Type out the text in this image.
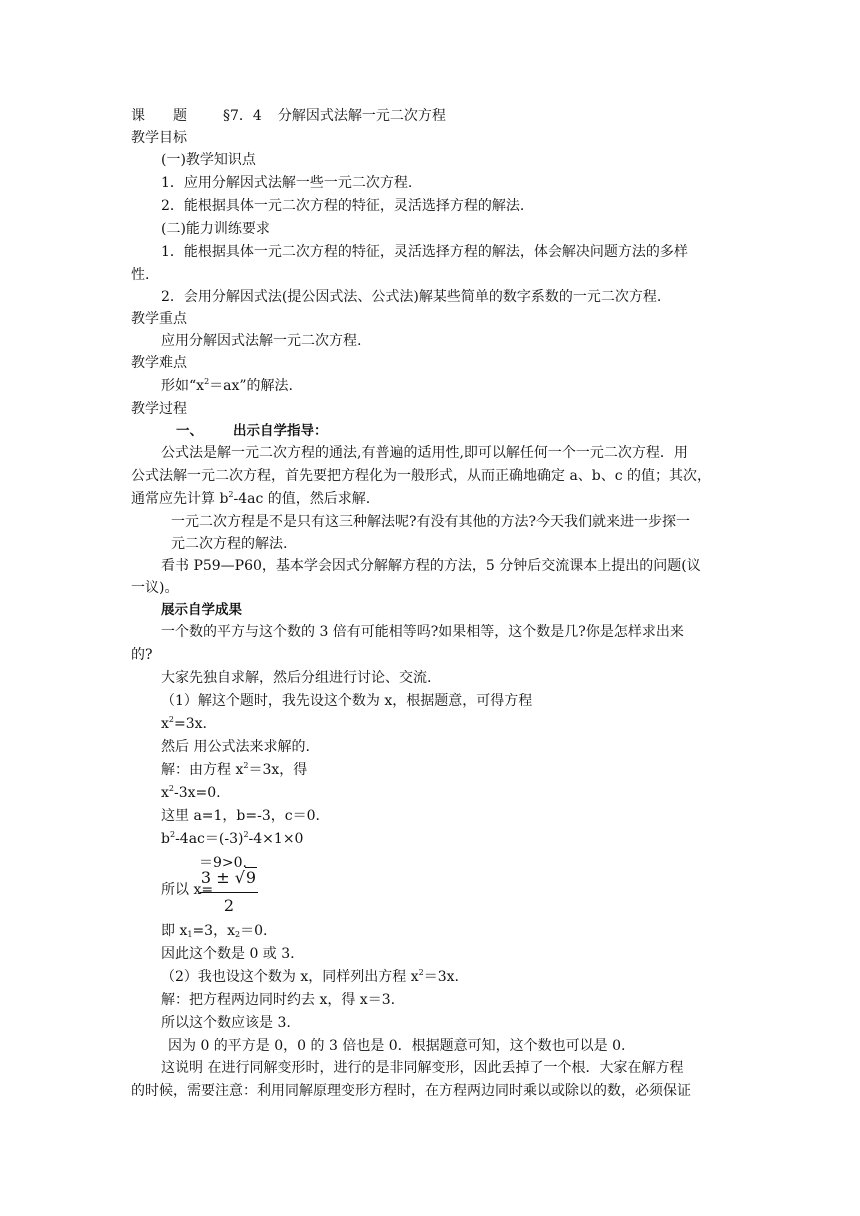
课 题	§7．4 分解因式法解一元二次方程
教学目标
(一)教学知识点
1．应用分解因式法解一些一元二次方程.
2．能根据具体一元二次方程的特征，灵活选择方程的解法.
(二)能力训练要求
1．能根据具体一元二次方程的特征，灵活选择方程的解法，体会解决问题方法的多样
性.
2．会用分解因式法(提公因式法、公式法)解某些简单的数字系数的一元二次方程.
教学重点
应用分解因式法解一元二次方程.
教学难点
形如“$x^2=ax$”的解法.
教学过程
一、 出示自学指导：
公式法是解一元二次方程的通法,有普遍的适用性,即可以解任何一个一元二次方程．用
公式法解一元二次方程，首先要把方程化为一般形式，从而正确地确定 a、b、c 的值；其次，
通常应先计算 $b^2-4ac$ 的值，然后求解.
一元二次方程是不是只有这三种解法呢?有没有其他的方法?今天我们就来进一步探一
元二次方程的解法.
看书 P59—P60，基本学会因式分解解方程的方法，5 分钟后交流课本上提出的问题(议
一议)。
展示自学成果
一个数的平方与这个数的 3 倍有可能相等吗?如果相等，这个数是几?你是怎样求出来
的?
大家先独自求解，然后分组进行讨论、交流.
（1）解这个题时，我先设这个数为 x，根据题意，可得方程
$x^2=3x$.
然后 用公式法来求解的.
解：由方程 $x^2=3x$，得
$x^2-3x=0$.
这里 a=1，b=-3，c＝0.
$b^2-4ac=(-3)^2-4\times 1\times 0$
＝9>0.
所以 x=
3 ± √9
2
即 $x_1=3$，$x_2=0$.
因此这个数是 0 或 3.
（2）我也设这个数为 x，同样列出方程 $x^2=3x$.
解：把方程两边同时约去 x，得 x＝3.
所以这个数应该是 3.
因为 0 的平方是 0，0 的 3 倍也是 0．根据题意可知，这个数也可以是 0.
这说明 在进行同解变形时，进行的是非同解变形，因此丢掉了一个根．大家在解方程
的时候，需要注意：利用同解原理变形方程时，在方程两边同时乘以或除以的数，必须保证
